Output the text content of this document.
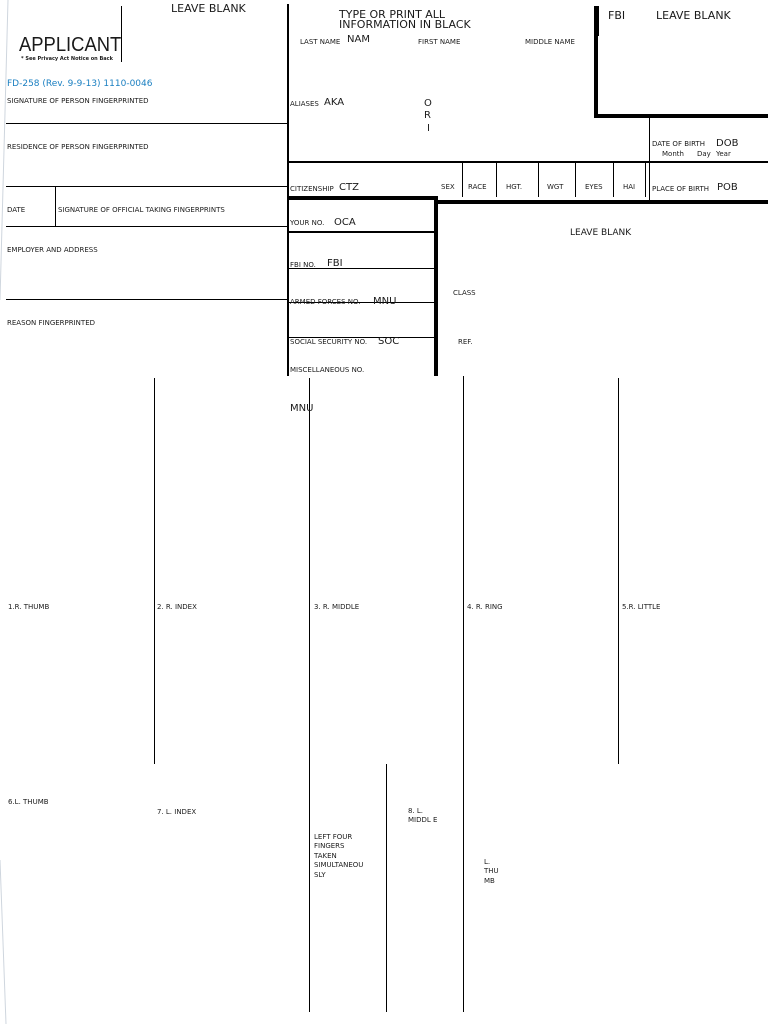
LEAVE BLANK
APPLICANT
* See Privacy Act Notice on Back
FD-258 (Rev. 9-9-13) 1110-0046
TYPE OR PRINT ALL INFORMATION IN BLACK
FBI	LEAVE BLANK
SIGNATURE OF PERSON FINGERPRINTED
RESIDENCE OF PERSON FINGERPRINTED
DATE	SIGNATURE OF OFFICIAL TAKING FINGERPRINTS
EMPLOYER AND ADDRESS
REASON FINGERPRINTED
LAST NAME NAM	FIRST NAME	MIDDLE NAME
ALIASES AKA	O
R
I
CITIZENSHIP CTZ	SEX RACE	HGT.	WGT	EYES	HAI
YOUR NO. OCA
FBI NO. FBI
ARMED FORCES NO. MNU
SOCIAL SECURITY NO. SOC
MISCELLANEOUS NO.
MNU
DATE OF BIRTH DOB
Month Day Year
PLACE OF BIRTH POB
LEAVE BLANK
CLASS
REF.
1.R. THUMB	2. R. INDEX	3. R. MIDDLE	4. R. RING	5.R. LITTLE
6.L. THUMB
7. L. INDEX	8. L. MIDDL E
LEFT FOUR FINGERS TAKEN SIMULTANEOU SLY
L. THU MB
